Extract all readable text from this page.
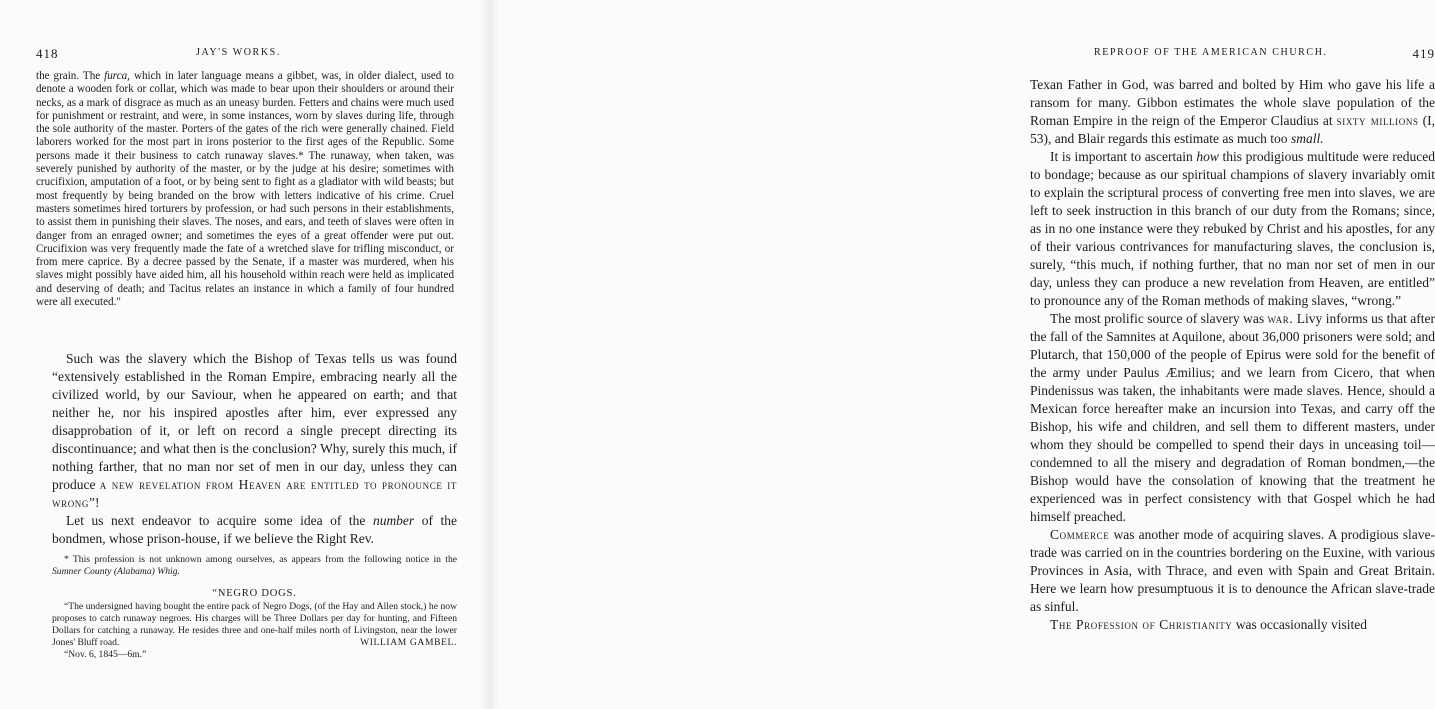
418	JAY'S WORKS.

the grain. The furca, which in later language means a gibbet, was, in older dialect, used to denote a wooden fork or collar, which was made to bear upon their shoulders or around their necks, as a mark of disgrace as much as an uneasy burden. Fetters and chains were much used for punishment or restraint, and were, in some instances, worn by slaves during life, through the sole authority of the master. Porters of the gates of the rich were generally chained. Field laborers worked for the most part in irons posterior to the first ages of the Republic. Some persons made it their business to catch runaway slaves.* The runaway, when taken, was severely punished by authority of the master, or by the judge at his desire; sometimes with crucifixion, amputation of a foot, or by being sent to fight as a gladiator with wild beasts; but most frequently by being branded on the brow with letters indicative of his crime. Cruel masters sometimes hired torturers by profession, or had such persons in their establishments, to assist them in punishing their slaves. The noses, and ears, and teeth of slaves were often in danger from an enraged owner; and sometimes the eyes of a great offender were put out. Crucifixion was very frequently made the fate of a wretched slave for trifling misconduct, or from mere caprice. By a decree passed by the Senate, if a master was murdered, when his slaves might possibly have aided him, all his household within reach were held as implicated and deserving of death; and Tacitus relates an instance in which a family of four hundred were all executed."

Such was the slavery which the Bishop of Texas tells us was found “extensively established in the Roman Empire, embracing nearly all the civilized world, by our Saviour, when he appeared on earth; and that neither he, nor his inspired apostles after him, ever expressed any disapprobation of it, or left on record a single precept directing its discontinuance; and what then is the conclusion? Why, surely this much, if nothing farther, that no man nor set of men in our day, unless they can produce a new revelation from Heaven are entitled to pronounce it wrong”!

Let us next endeavor to acquire some idea of the number of the bondmen, whose prison-house, if we believe the Right Rev.

* This profession is not unknown among ourselves, as appears from the following notice in the Sumner County (Alabama) Whig.

“NEGRO DOGS.

“The undersigned having bought the entire pack of Negro Dogs, (of the Hay and Allen stock,) he now proposes to catch runaway negroes. His charges will be Three Dollars per day for hunting, and Fifteen Dollars for catching a runaway. He resides three and one-half miles north of Livingston, near the lower Jones' Bluff road.	WILLIAM GAMBEL.

“Nov. 6, 1845—6m.”

REPROOF OF THE AMERICAN CHURCH.	419

Texan Father in God, was barred and bolted by Him who gave his life a ransom for many. Gibbon estimates the whole slave population of the Roman Empire in the reign of the Emperor Claudius at sixty millions (I, 53), and Blair regards this estimate as much too small.

It is important to ascertain how this prodigious multitude were reduced to bondage; because as our spiritual champions of slavery invariably omit to explain the scriptural process of converting free men into slaves, we are left to seek instruction in this branch of our duty from the Romans; since, as in no one instance were they rebuked by Christ and his apostles, for any of their various contrivances for manufacturing slaves, the conclusion is, surely, “this much, if nothing further, that no man nor set of men in our day, unless they can produce a new revelation from Heaven, are entitled” to pronounce any of the Roman methods of making slaves, “wrong.”

The most prolific source of slavery was war. Livy informs us that after the fall of the Samnites at Aquilone, about 36,000 prisoners were sold; and Plutarch, that 150,000 of the people of Epirus were sold for the benefit of the army under Paulus Æmilius; and we learn from Cicero, that when Pindenissus was taken, the inhabitants were made slaves. Hence, should a Mexican force hereafter make an incursion into Texas, and carry off the Bishop, his wife and children, and sell them to different masters, under whom they should be compelled to spend their days in unceasing toil—condemned to all the misery and degradation of Roman bondmen,—the Bishop would have the consolation of knowing that the treatment he experienced was in perfect consistency with that Gospel which he had himself preached.

Commerce was another mode of acquiring slaves. A prodigious slave-trade was carried on in the countries bordering on the Euxine, with various Provinces in Asia, with Thrace, and even with Spain and Great Britain. Here we learn how presumptuous it is to denounce the African slave-trade as sinful.

The Profession of Christianity was occasionally visited
